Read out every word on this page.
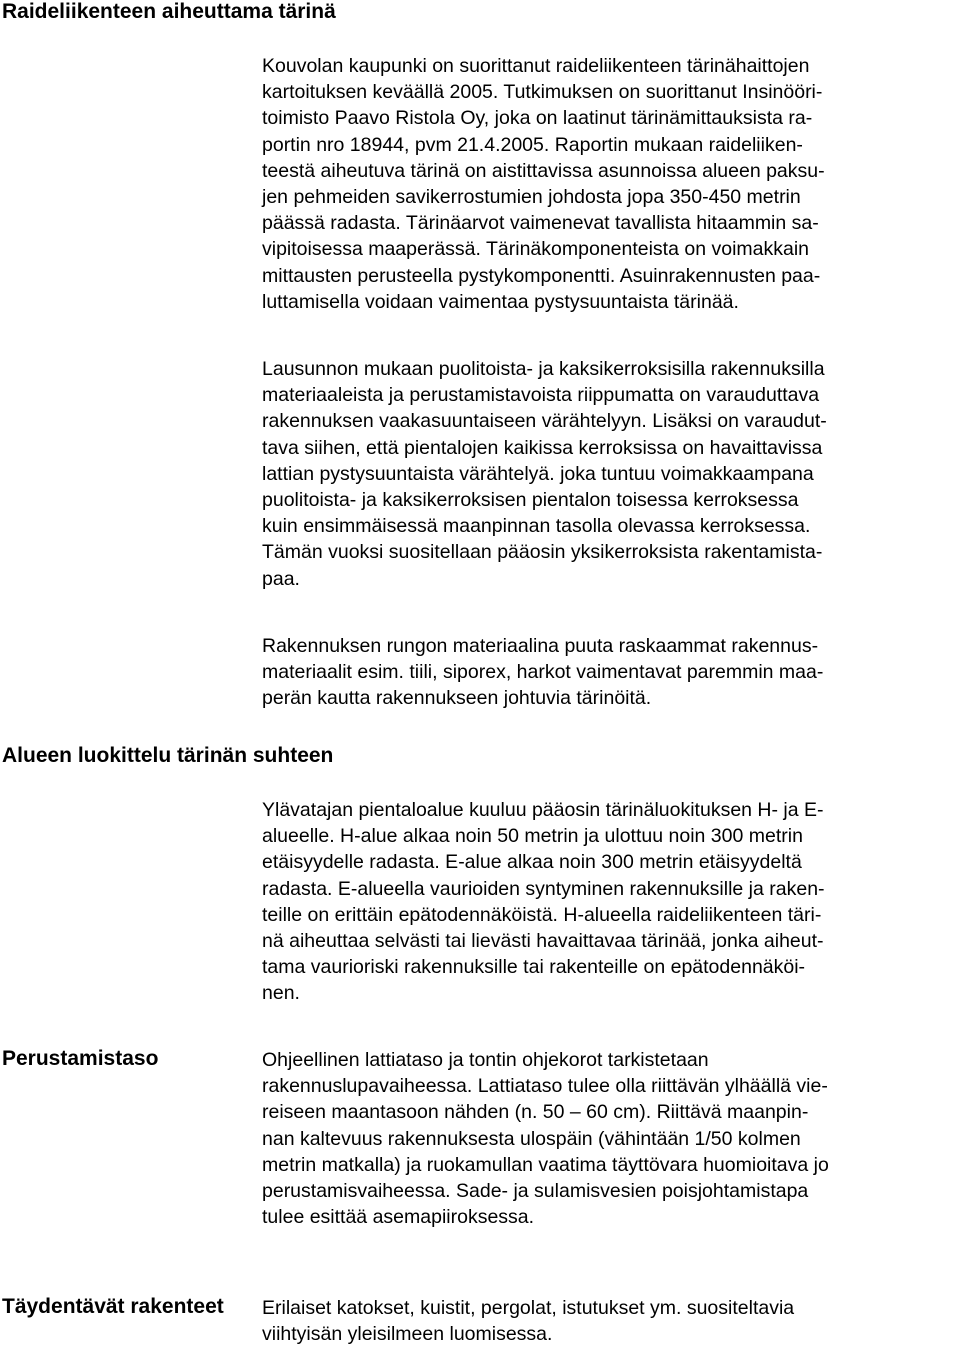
Raideliikenteen aiheuttama tärinä
Kouvolan kaupunki on suorittanut raideliikenteen tärinähaittojen
kartoituksen keväällä 2005. Tutkimuksen on suorittanut Insinööri-
toimisto Paavo Ristola Oy, joka on laatinut tärinämittauksista ra-
portin nro 18944, pvm 21.4.2005. Raportin mukaan raideliiken-
teestä aiheutuva tärinä on aistittavissa asunnoissa alueen paksu-
jen pehmeiden savikerrostumien johdosta jopa 350-450 metrin
päässä radasta. Tärinäarvot vaimenevat tavallista hitaammin sa-
vipitoisessa maaperässä. Tärinäkomponenteista on voimakkain
mittausten perusteella pystykomponentti. Asuinrakennusten paa-
luttamisella voidaan vaimentaa pystysuuntaista tärinää.
Lausunnon mukaan puolitoista- ja kaksikerroksisilla rakennuksilla
materiaaleista ja perustamistavoista riippumatta on varauduttava
rakennuksen vaakasuuntaiseen värähtelyyn. Lisäksi on varaudut-
tava siihen, että pientalojen kaikissa kerroksissa on havaittavissa
lattian pystysuuntaista värähtelyä. joka tuntuu voimakkaampana
puolitoista- ja kaksikerroksisen pientalon toisessa kerroksessa
kuin ensimmäisessä maanpinnan tasolla olevassa kerroksessa.
Tämän vuoksi suositellaan pääosin yksikerroksista rakentamista-
paa.
Rakennuksen rungon materiaalina puuta raskaammat rakennus-
materiaalit esim. tiili, siporex, harkot vaimentavat paremmin maa-
perän kautta rakennukseen johtuvia tärinöitä.
Alueen luokittelu tärinän suhteen
Ylävatajan pientaloalue kuuluu pääosin tärinäluokituksen H- ja E-
alueelle. H-alue alkaa noin 50 metrin ja ulottuu noin 300 metrin
etäisyydelle radasta. E-alue alkaa noin 300 metrin etäisyydeltä
radasta. E-alueella vaurioiden syntyminen rakennuksille ja raken-
teille on erittäin epätodennäköistä. H-alueella raideliikenteen täri-
nä aiheuttaa selvästi tai lievästi havaittavaa tärinää, jonka aiheut-
tama vaurioriski rakennuksille tai rakenteille on epätodennäköi-
nen.
Perustamistaso	Ohjeellinen lattiataso ja tontin ohjekorot tarkistetaan
rakennuslupavaiheessa. Lattiataso tulee olla riittävän ylhäällä vie-
reiseen maantasoon nähden (n. 50 – 60 cm). Riittävä maanpin-
nan kaltevuus rakennuksesta ulospäin (vähintään 1/50 kolmen
metrin matkalla) ja ruokamullan vaatima täyttövara huomioitava jo
perustamisvaiheessa. Sade- ja sulamisvesien poisjohtamistapa
tulee esittää asemapiiroksessa.
Täydentävät rakenteet Erilaiset katokset, kuistit, pergolat, istutukset ym. suositeltavia
viihtyisän yleisilmeen luomisessa.
